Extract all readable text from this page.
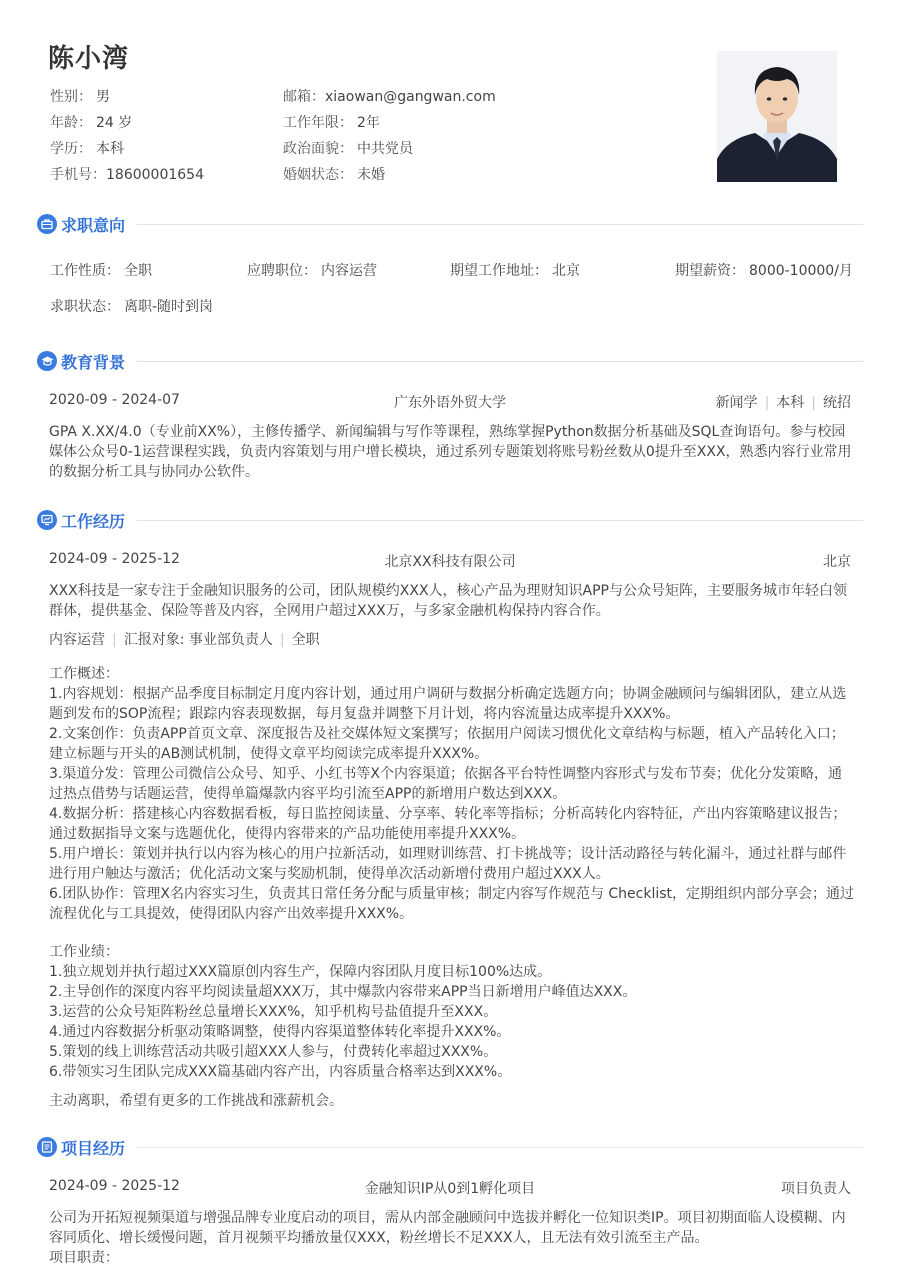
陈小湾
性别： 男
年龄： 24 岁
学历： 本科
手机号：18600001654
邮箱：xiaowan@gangwan.com
工作年限： 2年
政治面貌： 中共党员
婚姻状态： 未婚
求职意向
工作性质： 全职	应聘职位： 内容运营	期望工作地址： 北京	期望薪资： 8000-10000/月
求职状态： 离职-随时到岗
教育背景
2020-09 - 2024-07	广东外语外贸大学	新闻学 | 本科 | 统招
GPA X.XX/4.0（专业前XX%），主修传播学、新闻编辑与写作等课程，熟练掌握Python数据分析基础及SQL查询语句。参与校园
媒体公众号0-1运营课程实践，负责内容策划与用户增长模块，通过系列专题策划将账号粉丝数从0提升至XXX，熟悉内容行业常用
的数据分析工具与协同办公软件。
工作经历
2024-09 - 2025-12	北京XX科技有限公司	北京
XXX科技是一家专注于金融知识服务的公司，团队规模约XXX人，核心产品为理财知识APP与公众号矩阵，主要服务城市年轻白领
群体，提供基金、保险等普及内容，全网用户超过XXX万，与多家金融机构保持内容合作。
内容运营 | 汇报对象: 事业部负责人 | 全职
工作概述：
1.内容规划：根据产品季度目标制定月度内容计划，通过用户调研与数据分析确定选题方向；协调金融顾问与编辑团队，建立从选
题到发布的SOP流程；跟踪内容表现数据，每月复盘并调整下月计划，将内容流量达成率提升XXX%。
2.文案创作：负责APP首页文章、深度报告及社交媒体短文案撰写；依据用户阅读习惯优化文章结构与标题，植入产品转化入口；
建立标题与开头的AB测试机制，使得文章平均阅读完成率提升XXX%。
3.渠道分发：管理公司微信公众号、知乎、小红书等X个内容渠道；依据各平台特性调整内容形式与发布节奏；优化分发策略，通
过热点借势与话题运营，使得单篇爆款内容平均引流至APP的新增用户数达到XXX。
4.数据分析：搭建核心内容数据看板，每日监控阅读量、分享率、转化率等指标；分析高转化内容特征，产出内容策略建议报告；
通过数据指导文案与选题优化，使得内容带来的产品功能使用率提升XXX%。
5.用户增长：策划并执行以内容为核心的用户拉新活动，如理财训练营、打卡挑战等；设计活动路径与转化漏斗，通过社群与邮件
进行用户触达与激活；优化活动文案与奖励机制，使得单次活动新增付费用户超过XXX人。
6.团队协作：管理X名内容实习生，负责其日常任务分配与质量审核；制定内容写作规范与 Checklist，定期组织内部分享会；通过
流程优化与工具提效，使得团队内容产出效率提升XXX%。
工作业绩：
1.独立规划并执行超过XXX篇原创内容生产，保障内容团队月度目标100%达成。
2.主导创作的深度内容平均阅读量超XXX万，其中爆款内容带来APP当日新增用户峰值达XXX。
3.运营的公众号矩阵粉丝总量增长XXX%，知乎机构号盐值提升至XXX。
4.通过内容数据分析驱动策略调整，使得内容渠道整体转化率提升XXX%。
5.策划的线上训练营活动共吸引超XXX人参与，付费转化率超过XXX%。
6.带领实习生团队完成XXX篇基础内容产出，内容质量合格率达到XXX%。
主动离职，希望有更多的工作挑战和涨薪机会。
项目经历
2024-09 - 2025-12	金融知识IP从0到1孵化项目	项目负责人
公司为开拓短视频渠道与增强品牌专业度启动的项目，需从内部金融顾问中选拔并孵化一位知识类IP。项目初期面临人设模糊、内
容同质化、增长缓慢问题，首月视频平均播放量仅XXX，粉丝增长不足XXX人，且无法有效引流至主产品。
项目职责：
